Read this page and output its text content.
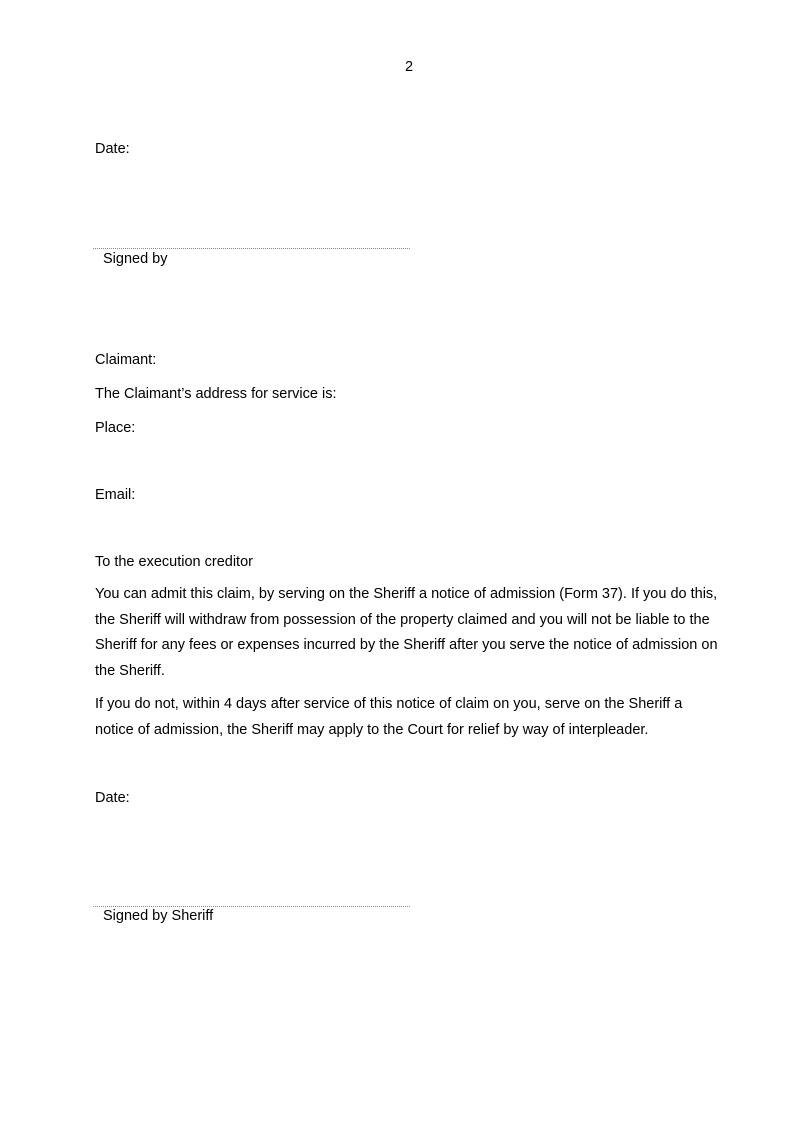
2
Date:
Signed by
Claimant:
The Claimant’s address for service is:
Place:
Email:
To the execution creditor
You can admit this claim, by serving on the Sheriff a notice of admission (Form 37). If you do this, the Sheriff will withdraw from possession of the property claimed and you will not be liable to the Sheriff for any fees or expenses incurred by the Sheriff after you serve the notice of admission on the Sheriff.
If you do not, within 4 days after service of this notice of claim on you, serve on the Sheriff a notice of admission, the Sheriff may apply to the Court for relief by way of interpleader.
Date:
Signed by Sheriff
